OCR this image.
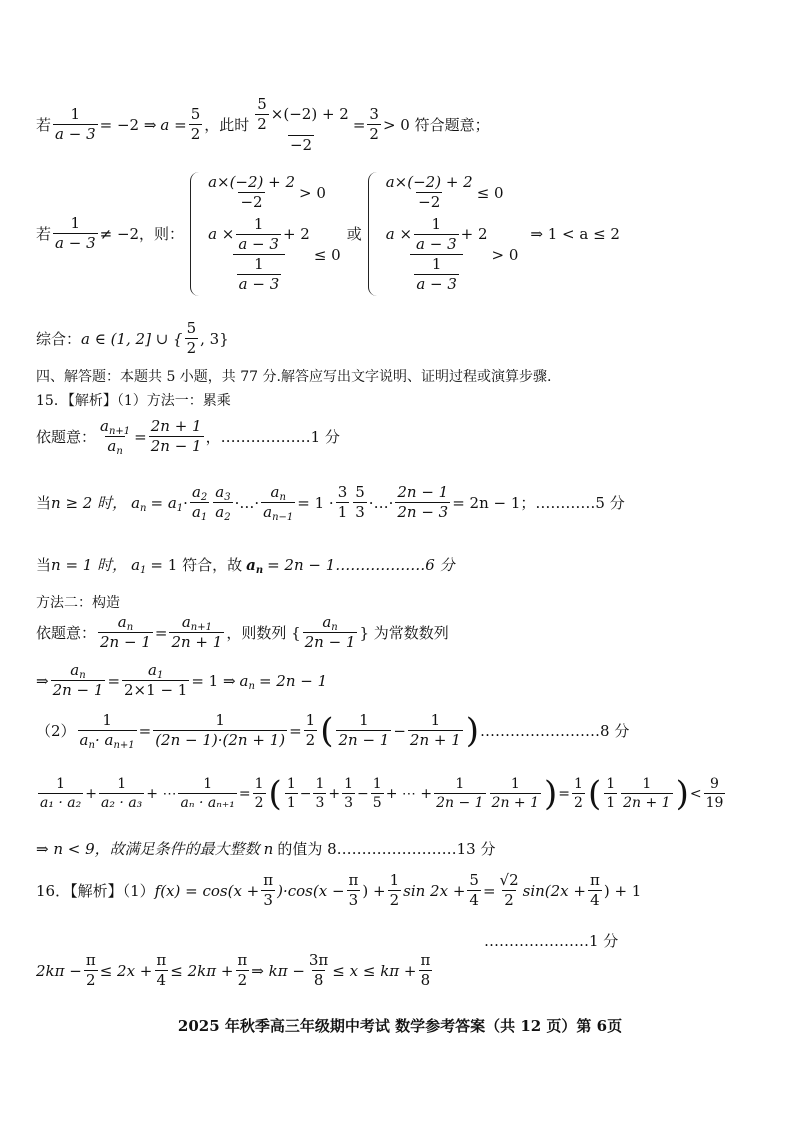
若 $\frac{1}{a - 3} = -2$ ⇒ $a = \frac{5}{2}$ ，此时 $\frac{\frac{5}{2} \times(-2) + 2}{-2} = \frac{3}{2} > 0$ 符合题意；
若 $\frac{1}{a - 3} \ne -2$，则：
$\frac{a\times(-2) + 2}{-2} > 0$
$\frac{a \times \frac{1}{a - 3} + 2}{\frac{1}{a - 3}} \le 0$
或
$\frac{a\times(-2) + 2}{-2} \le 0$
$\frac{a \times \frac{1}{a - 3} + 2}{\frac{1}{a - 3}} > 0$
⇒ 1 < a ≤ 2
综合： a ∈ (1, 2] ∪ { $\frac{5}{2}$ , 3}
四、解答题：本题共 5 小题，共 77 分.解答应写出文字说明、证明过程或演算步骤.
15．【解析】（1）方法一：累乘
依题意： $\frac{a_{n+1}}{a_n} = \frac{2n + 1}{2n - 1}$ ，………………1 分
当 n ≥ 2 时， $a_n = a_1 \cdot \frac{a_2}{a_1} \frac{a_3}{a_2}$ ·…· $\frac{a_n}{a_{n-1}} = 1 \cdot \frac{3}{1} \frac{5}{3}$ ·…· $\frac{2n - 1}{2n - 3} = 2n - 1$；…………5 分
当 n = 1 时， $a_1 = 1$ 符合，故 $a_n = 2n$ − 1………………6 分
方法二：构造
依题意： $\frac{a_n}{2n - 1} = \frac{a_{n+1}}{2n + 1}$ ，则数列 { $\frac{a_n}{2n - 1}$ } 为常数数列
⇒ $\frac{a_n}{2n - 1} = \frac{a_1}{2\times 1 - 1} = 1$ ⇒ $a_n = 2n - 1$
$(2) \frac{1}{a_n\cdot a_{n+1}} = \frac{1}{(2n - 1)\cdot(2n + 1)} = \frac{1}{2}$ ( $\frac{1}{2n - 1} - \frac{1}{2n + 1}$ ) ……………………8 分
$\frac{1}{\text{a₁ · a₂}} + \frac{1}{\text{a₂ · a₃}}$ + ⋯ $\frac{1}{\text{aₙ · aₙ₊₁}} = \frac{1}{2}$ ( $\frac{1}{1} - \frac{1}{3} + \frac{1}{3} - \frac{1}{5}$ + ⋯ + $\frac{1}{2n - 1} \frac{1}{2n + 1}$ ) = $\frac{1}{2}$ ( $\frac{1}{1} \frac{1}{2n + 1}$ ) < $\frac{9}{19}$
⇒ n < 9，故满足条件的最大整数 n 的值为 8……………………13 分
16．【解析】（1） $f(x) = \cos(x + \frac{\pi}{3} )\cdot\cos(x - \frac{\pi}{3}$ ) + $\frac{1}{2}$ $\sin 2x + \frac{5}{4} = \frac{√2}{2} \sin(2x + \frac{\pi}{4}$ ) + 1
…………………1 分
$2k\pi - \frac{\pi}{2} \le 2x + \frac{\pi}{4} \le 2k\pi + \frac{\pi}{2}$ ⇒ $k\pi - \frac{3\pi}{8} \le x \le k\pi + \frac{\pi}{8}$
2025 年秋季高三年级期中考试 数学参考答案（共 12 页）第 6页
